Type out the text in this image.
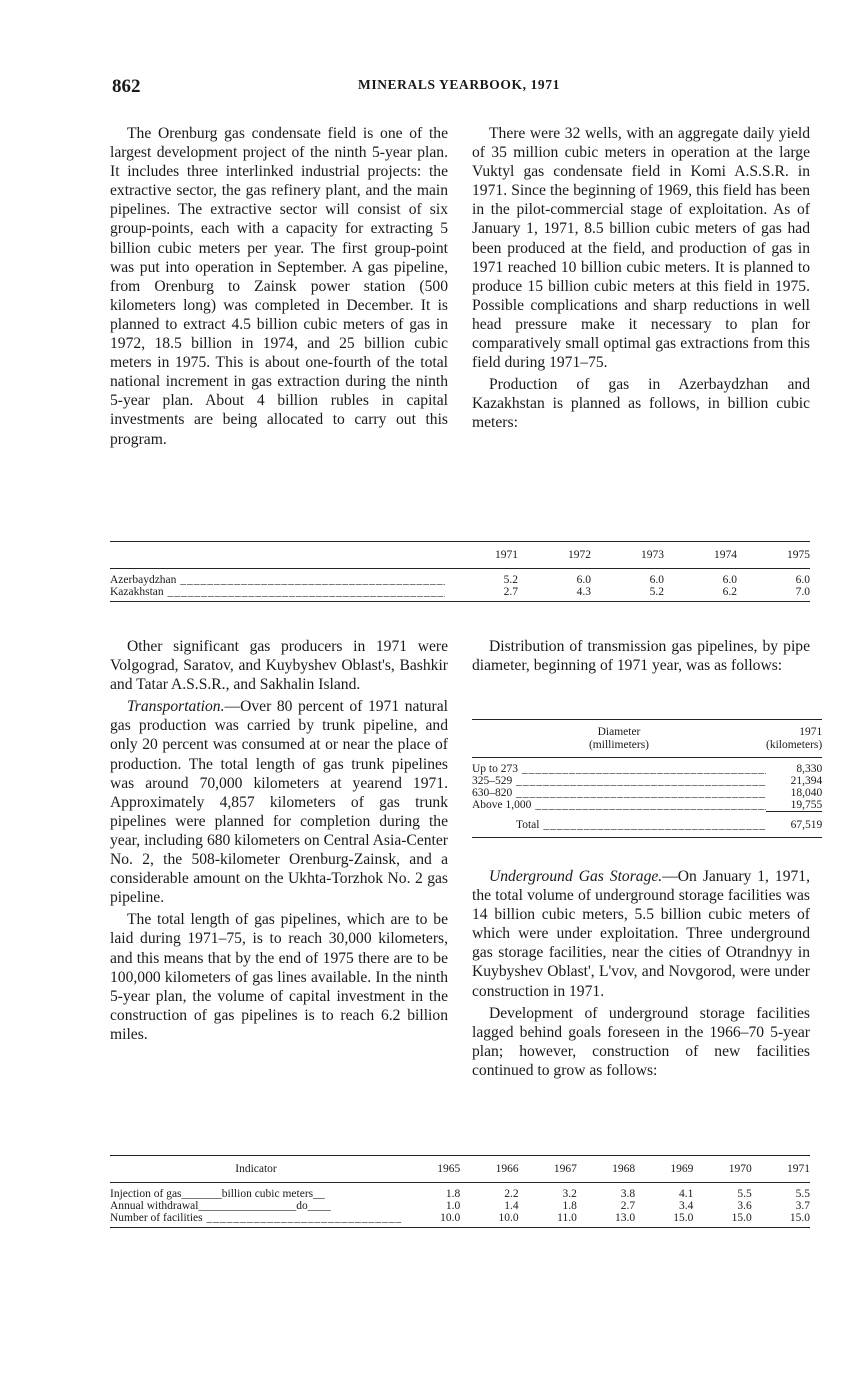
862	MINERALS YEARBOOK, 1971

The Orenburg gas condensate field is one of the largest development project of the ninth 5-year plan. It includes three interlinked industrial projects: the extractive sector, the gas refinery plant, and the main pipelines. The extractive sector will consist of six group-points, each with a capacity for extracting 5 billion cubic meters per year. The first group-point was put into operation in September. A gas pipeline, from Orenburg to Zainsk power station (500 kilometers long) was completed in December. It is planned to extract 4.5 billion cubic meters of gas in 1972, 18.5 billion in 1974, and 25 billion cubic meters in 1975. This is about one-fourth of the total national increment in gas extraction during the ninth 5-year plan. About 4 billion rubles in capital investments are being allocated to carry out this program.

There were 32 wells, with an aggregate daily yield of 35 million cubic meters in operation at the large Vuktyl gas condensate field in Komi A.S.S.R. in 1971. Since the beginning of 1969, this field has been in the pilot-commercial stage of exploitation. As of January 1, 1971, 8.5 billion cubic meters of gas had been produced at the field, and production of gas in 1971 reached 10 billion cubic meters. It is planned to produce 15 billion cubic meters at this field in 1975. Possible complications and sharp reductions in well head pressure make it necessary to plan for comparatively small optimal gas extractions from this field during 1971–75.

Production of gas in Azerbaydzhan and Kazakhstan is planned as follows, in billion cubic meters:

	1971	1972	1973	1974	1975

Azerbaydzhan _____	5.2	6.0	6.0	6.0	6.0

Kazakhstan _____	2.7	4.3	5.2	6.2	7.0

Other significant gas producers in 1971 were Volgograd, Saratov, and Kuybyshev Oblast's, Bashkir and Tatar A.S.S.R., and Sakhalin Island.

Transportation.—Over 80 percent of 1971 natural gas production was carried by trunk pipeline, and only 20 percent was consumed at or near the place of production. The total length of gas trunk pipelines was around 70,000 kilometers at yearend 1971. Approximately 4,857 kilometers of gas trunk pipelines were planned for completion during the year, including 680 kilometers on Central Asia-Center No. 2, the 508-kilometer Orenburg-Zainsk, and a considerable amount on the Ukhta-Torzhok No. 2 gas pipeline.

The total length of gas pipelines, which are to be laid during 1971–75, is to reach 30,000 kilometers, and this means that by the end of 1975 there are to be 100,000 kilometers of gas lines available. In the ninth 5-year plan, the volume of capital investment in the construction of gas pipelines is to reach 6.2 billion miles.

Distribution of transmission gas pipelines, by pipe diameter, beginning of 1971 year, was as follows:

Diameter
(millimeters)	1971
(kilometers)

Up to 273 _____	8,330

325–529 _____	21,394

630–820 _____	18,040

Above 1,000 _____	19,755

Total _____	67,519

Underground Gas Storage.—On January 1, 1971, the total volume of underground storage facilities was 14 billion cubic meters, 5.5 billion cubic meters of which were under exploitation. Three underground gas storage facilities, near the cities of Otrandnyy in Kuybyshev Oblast', L'vov, and Novgorod, were under construction in 1971.

Development of underground storage facilities lagged behind goals foreseen in the 1966–70 5-year plan; however, construction of new facilities continued to grow as follows:

Indicator	1965	1966	1967	1968	1969	1970	1971

Injection of gas_______billion cubic meters__	1.8	2.2	3.2	3.8	4.1	5.5	5.5

Annual withdrawal_________________do____	1.0	1.4	1.8	2.7	3.4	3.6	3.7

Number of facilities _____	10.0	10.0	11.0	13.0	15.0	15.0	15.0
